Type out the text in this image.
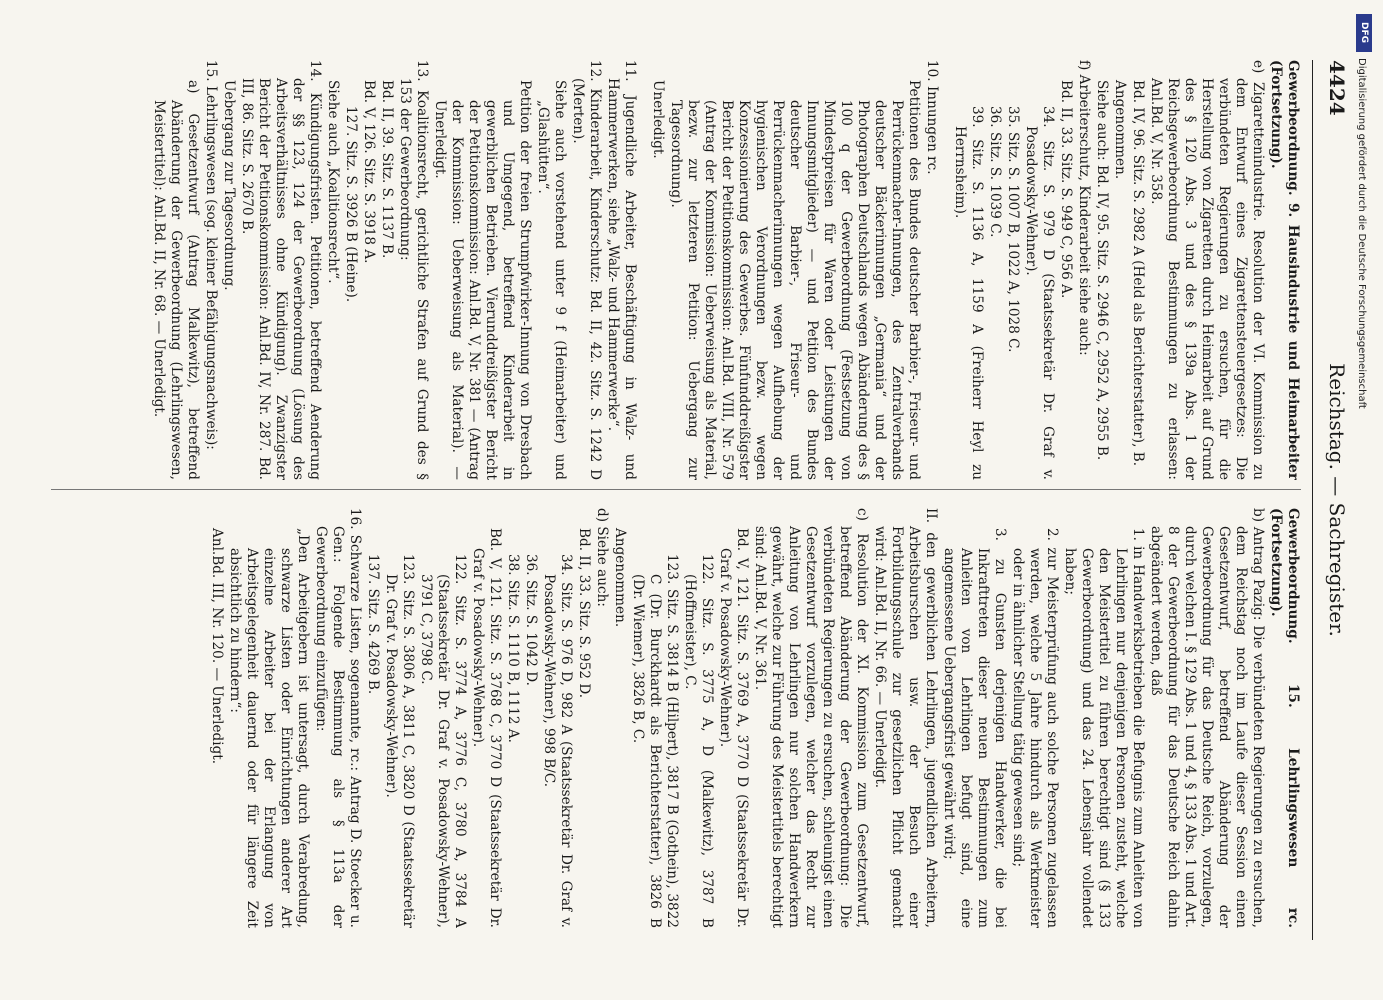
Reichstag. — Sachregister.
4424

Gewerbeordnung. 9. Hausindustrie und Heimarbeiter (Fortsetzung).

e) Zigarettenindustrie. Resolution der VI. Kommission zu dem Entwurf eines Zigarettensteuergesetzes: Die verbündeten Regierungen zu ersuchen, für die Herstellung von Zigaretten durch Heimarbeit auf Grund des § 120 Abs. 3 und des § 139a Abs. 1 der Reichsgewerbeordnung Bestimmungen zu erlassen: Anl.Bd. V, Nr. 358.

Bd. IV, 96. Sitz. S. 2982 A (Held als Berichterstatter), B.

Angenommen.

Siehe auch: Bd. IV, 95. Sitz. S. 2946 C, 2952 A, 2955 B.

f) Arbeiterschutz, Kinderarbeit siehe auch:

Bd. II, 33. Sitz. S. 949 C, 956 A.

34. Sitz. S. 979 D (Staatssekretär Dr. Graf v. Posadowsky-Wehner).

35. Sitz. S. 1007 B, 1022 A, 1028 C.

36. Sitz. S. 1039 C.

39. Sitz. S. 1136 A, 1159 A (Freiherr Heyl zu Herrnsheim).

10. Innungen rc.

Petitionen des Bundes deutscher Barbier-, Friseur- und Perrückenmacher-Innungen, des Zentralverbands deutscher Bäckerinnungen „Germania“ und der Photographen Deutschlands wegen Abänderung des § 100 q der Gewerbeordnung (Festsetzung von Mindestpreisen für Waren oder Leistungen der Innungsmitglieder) — und Petition des Bundes deutscher Barbier-, Friseur- und Perrückenmacherinnungen wegen Aufhebung der hygienischen Verordnungen bezw. wegen Konzessionierung des Gewerbes. Fünfunddreißigster Bericht der Petitionskommission: Anl.Bd. VIII, Nr. 579 (Antrag der Kommission: Ueberweisung als Material, bezw. zur letzteren Petition: Uebergang zur Tagesordnung).

Unerledigt.

11. Jugendliche Arbeiter, Beschäftigung in Walz- und Hammerwerken, siehe „Walz- und Hammerwerke“.

12. Kinderarbeit, Kinderschutz: Bd. II, 42. Sitz. S. 1242 D (Merten).

Siehe auch vorstehend unter 9 f (Heimarbeiter) und „Glashütten“.

Petition der freien Strumpfwirker-Innung von Dresbach und Umgegend, betreffend Kinderarbeit in gewerblichen Betrieben. Vierunddreißigster Bericht der Petitionskommission: Anl.Bd. V, Nr. 381 — (Antrag der Kommission: Ueberweisung als Material). — Unerledigt.

13. Koalitionsrecht, gerichtliche Strafen auf Grund des § 153 der Gewerbeordnung:

Bd. II, 39. Sitz. S. 1137 B.

Bd. V, 126. Sitz. S. 3918 A.

127. Sitz. S. 3926 B (Heine).

Siehe auch „Koalitionsrecht“.

14. Kündigungsfristen. Petitionen, betreffend Aenderung der §§ 123, 124 der Gewerbeordnung (Lösung des Arbeitsverhältnisses ohne Kündigung). Zwanzigster Bericht der Petitionskommission: Anl.Bd. IV, Nr. 287. Bd. III, 86. Sitz. S. 2670 B.

Uebergang zur Tagesordnung.

15. Lehrlingswesen (sog. kleiner Befähigungsnachweis):

a) Gesetzentwurf (Antrag Malkewitz), betreffend Abänderung der Gewerbeordnung (Lehrlingswesen, Meistertitel): Anl.Bd. II, Nr. 68. — Unerledigt.

Gewerbeordnung. 15. Lehrlingswesen rc. (Fortsetzung).

b) Antrag Pazig: Die verbündeten Regierungen zu ersuchen, dem Reichstag noch im Laufe dieser Session einen Gesetzentwurf, betreffend Abänderung der Gewerbeordnung für das Deutsche Reich, vorzulegen, durch welchen I. § 129 Abs. 1 und 4, § 133 Abs. 1 und Art. 8 der Gewerbeordnung für das Deutsche Reich dahin abgeändert werden, daß

1. in Handwerksbetrieben die Befugnis zum Anleiten von Lehrlingen nur denjenigen Personen zusteht, welche den Meistertitel zu führen berechtigt sind (§ 133 Gewerbeordnung) und das 24. Lebensjahr vollendet haben;

2. zur Meisterprüfung auch solche Personen zugelassen werden, welche 5 Jahre hindurch als Werkmeister oder in ähnlicher Stellung tätig gewesen sind;

3. zu Gunsten derjenigen Handwerker, die bei Inkrafttreten dieser neuen Bestimmungen zum Anleiten von Lehrlingen befugt sind, eine angemessene Uebergangsfrist gewährt wird;

II. den gewerblichen Lehrlingen, jugendlichen Arbeitern, Arbeitsburschen usw. der Besuch einer Fortbildungsschule zur gesetzlichen Pflicht gemacht wird: Anl.Bd. II, Nr. 66. — Unerledigt.

c) Resolution der XI. Kommission zum Gesetzentwurf, betreffend Abänderung der Gewerbeordnung: Die verbündeten Regierungen zu ersuchen, schleunigst einen Gesetzentwurf vorzulegen, welcher das Recht zur Anleitung von Lehrlingen nur solchen Handwerkern gewährt, welche zur Führung des Meistertitels berechtigt sind: Anl.Bd. V, Nr. 361.

Bd. V, 121. Sitz. S. 3769 A, 3770 D (Staatssekretär Dr. Graf v. Posadowsky-Wehner).

122. Sitz. S. 3775 A, D (Malkewitz), 3787 B (Hoffmeister), C.

123. Sitz. S. 3814 B (Hilpert), 3817 B (Gothein), 3822 C (Dr. Burckhardt als Berichterstatter), 3826 B (Dr. Wiemer), 3826 B, C.

Angenommen.

d) Siehe auch:

Bd. II, 33. Sitz. S. 952 D.

34. Sitz. S. 976 D, 982 A (Staatssekretär Dr. Graf v. Posadowsky-Wehner), 998 B/C.

36. Sitz. S. 1042 D.

38. Sitz. S. 1110 B, 1112 A.

Bd. V, 121. Sitz. S. 3768 C, 3770 D (Staatssekretär Dr. Graf v. Posadowsky-Wehner).

122. Sitz. S. 3774 A, 3776 C, 3780 A, 3784 A (Staatssekretär Dr. Graf v. Posadowsky-Wehner), 3791 C, 3798 C.

123. Sitz. S. 3806 A, 3811 C, 3820 D (Staatssekretär Dr. Graf v. Posadowsky-Wehner).

137. Sitz. S. 4269 B.

16. Schwarze Listen, sogenannte, rc.: Antrag D. Stoecker u. Gen.: Folgende Bestimmung als § 113a der Gewerbeordnung einzufügen:

„Den Arbeitgebern ist untersagt, durch Verabredung, schwarze Listen oder Einrichtungen anderer Art einzelne Arbeiter bei der Erlangung von Arbeitsgelegenheit dauernd oder für längere Zeit absichtlich zu hindern“:

Anl.Bd. III, Nr. 120. — Unerledigt.

DFG
Digitalisierung gefördert durch die Deutsche Forschungsgemeinschaft
